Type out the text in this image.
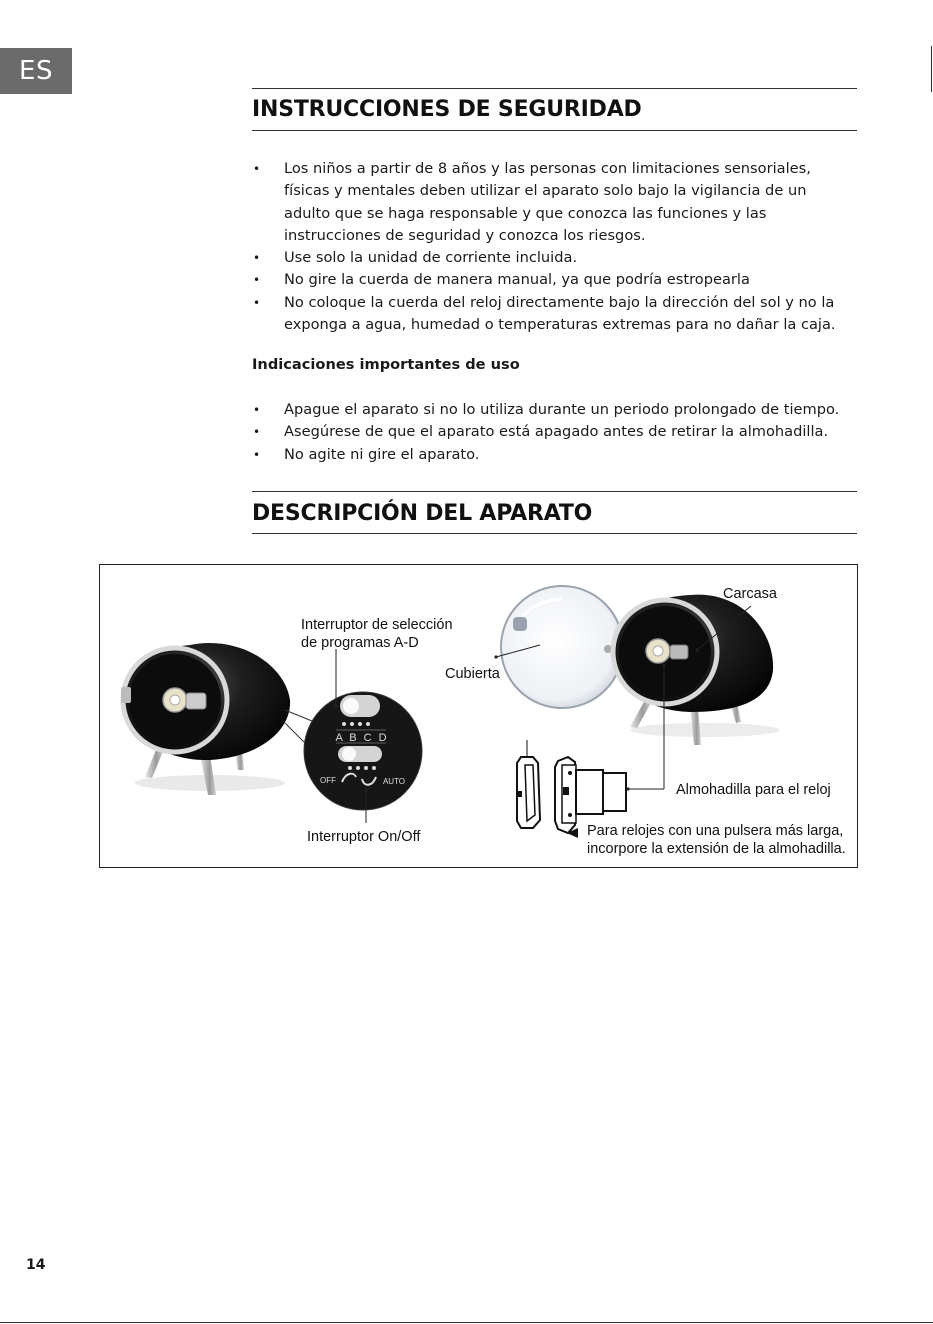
ES
INSTRUCCIONES DE SEGURIDAD
• Los niños a partir de 8 años y las personas con limitaciones sensoriales, físicas y mentales deben utilizar el aparato solo bajo la vigilancia de un adulto que se haga responsable y que conozca las funciones y las instrucciones de seguridad y conozca los riesgos.
• Use solo la unidad de corriente incluida.
• No gire la cuerda de manera manual, ya que podría estropearla
• No coloque la cuerda del reloj directamente bajo la dirección del sol y no la exponga a agua, humedad o temperaturas extremas para no dañar la caja.
Indicaciones importantes de uso
• Apague el aparato si no lo utiliza durante un periodo prolongado de tiempo.
• Asegúrese de que el aparato está apagado antes de retirar la almohadilla.
• No agite ni gire el aparato.
DESCRIPCIÓN DEL APARATO
A B C D
OFF	AUTO
Interruptor de selección
de programas A-D
Cubierta
Carcasa
Almohadilla para el reloj
Interruptor On/Off	Para relojes con una pulsera más larga,
incorpore la extensión de la almohadilla.
14
